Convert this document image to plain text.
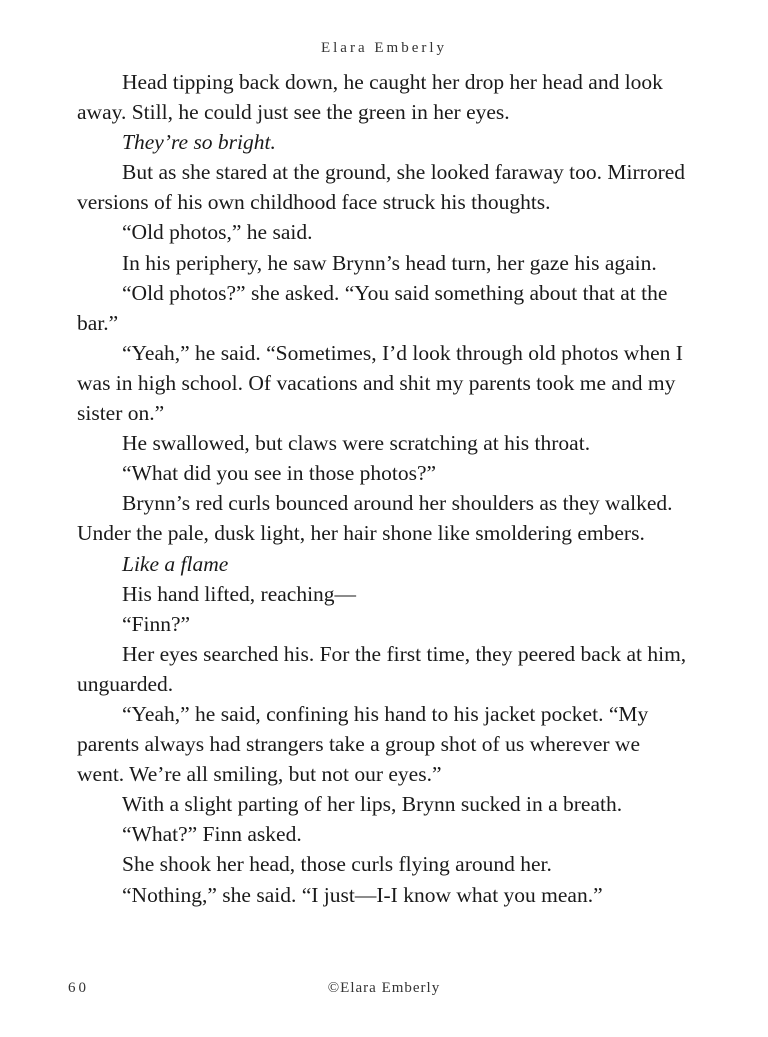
Elara Emberly

Head tipping back down, he caught her drop her head and look away. Still, he could just see the green in her eyes.

They’re so bright.

But as she stared at the ground, she looked faraway too. Mirrored versions of his own childhood face struck his thoughts.

“Old photos,” he said.

In his periphery, he saw Brynn’s head turn, her gaze his again.

“Old photos?” she asked. “You said something about that at the bar.”

“Yeah,” he said. “Sometimes, I’d look through old photos when I was in high school. Of vacations and shit my parents took me and my sister on.”

He swallowed, but claws were scratching at his throat.

“What did you see in those photos?”

Brynn’s red curls bounced around her shoulders as they walked. Under the pale, dusk light, her hair shone like smoldering embers.

Like a flame

His hand lifted, reaching—

“Finn?”

Her eyes searched his. For the first time, they peered back at him, unguarded.

“Yeah,” he said, confining his hand to his jacket pocket. “My parents always had strangers take a group shot of us wherever we went. We’re all smiling, but not our eyes.”

With a slight parting of her lips, Brynn sucked in a breath.

“What?” Finn asked.

She shook her head, those curls flying around her.

“Nothing,” she said. “I just—I-I know what you mean.”

60	©Elara Emberly
